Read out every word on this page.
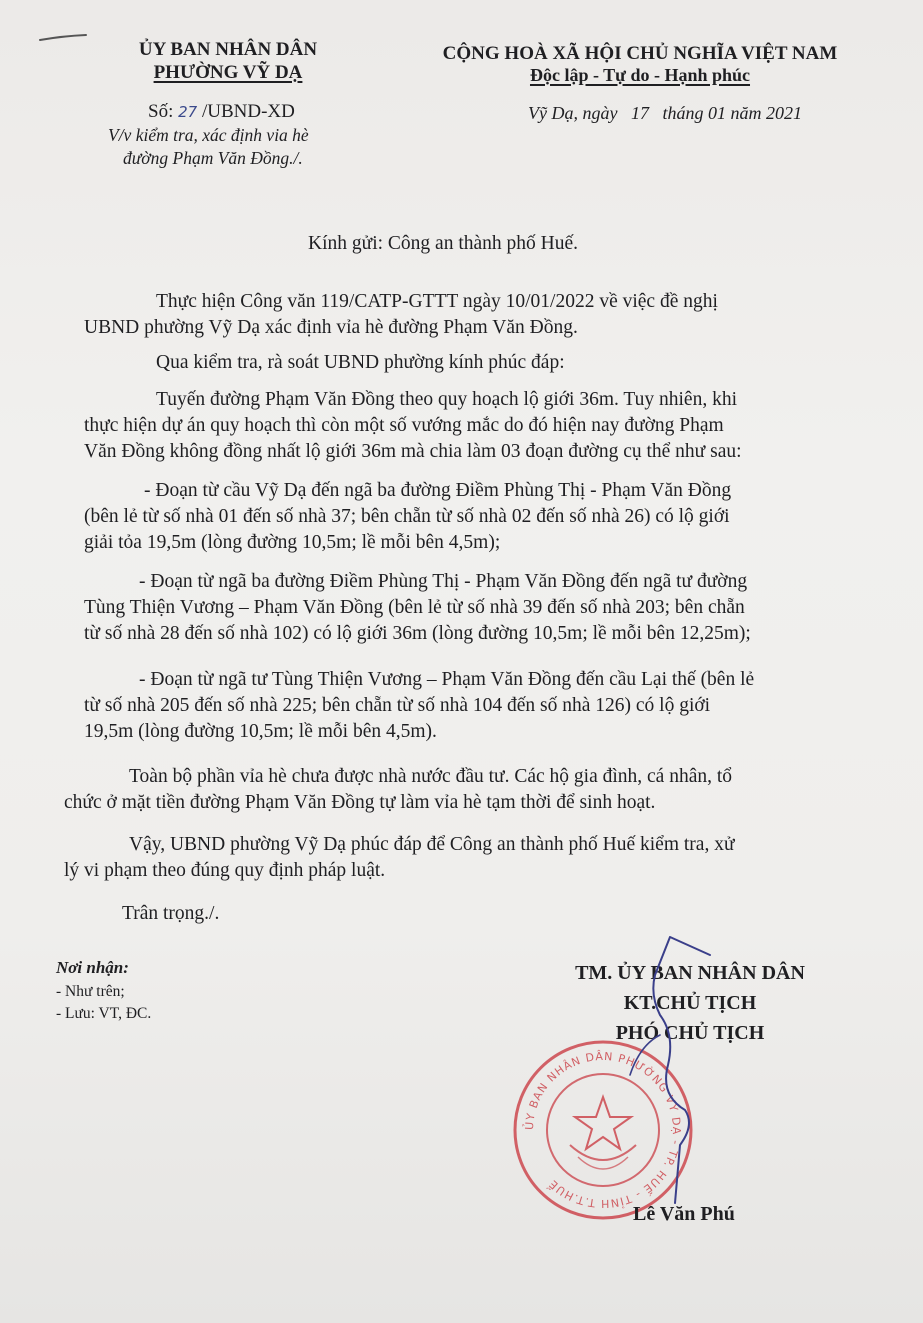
ỦY BAN NHÂN DÂN
PHƯỜNG VỸ DẠ
Số: 27 /UBND-XD
V/v kiểm tra, xác định via hè
đường Phạm Văn Đồng./.
CỘNG HOÀ XÃ HỘI CHỦ NGHĨA VIỆT NAM
Độc lập - Tự do - Hạnh phúc
Vỹ Dạ, ngày   17   tháng 01 năm 2021
Kính gửi: Công an thành phố Huế.
Thực hiện Công văn 119/CATP-GTTT ngày 10/01/2022 về việc đề nghị
UBND phường Vỹ Dạ xác định vỉa hè đường Phạm Văn Đồng.
Qua kiểm tra, rà soát UBND phường kính phúc đáp:
Tuyến đường Phạm Văn Đồng theo quy hoạch lộ giới 36m. Tuy nhiên, khi
thực hiện dự án quy hoạch thì còn một số vướng mắc do đó hiện nay đường Phạm
Văn Đồng không đồng nhất lộ giới 36m mà chia làm 03 đoạn đường cụ thể như sau:
- Đoạn từ cầu Vỹ Dạ đến ngã ba đường Điềm Phùng Thị - Phạm Văn Đồng
(bên lẻ từ số nhà 01 đến số nhà 37; bên chẵn từ số nhà 02 đến số nhà 26) có lộ giới
giải tỏa 19,5m (lòng đường 10,5m; lề mỗi bên 4,5m);
- Đoạn từ ngã ba đường Điềm Phùng Thị - Phạm Văn Đồng đến ngã tư đường
Tùng Thiện Vương – Phạm Văn Đồng (bên lẻ từ số nhà 39 đến số nhà 203; bên chẵn
từ số nhà 28 đến số nhà 102) có lộ giới 36m (lòng đường 10,5m; lề mỗi bên 12,25m);
- Đoạn từ ngã tư Tùng Thiện Vương – Phạm Văn Đồng đến cầu Lại thế (bên lẻ
từ số nhà 205 đến số nhà 225; bên chẵn từ số nhà 104 đến số nhà 126) có lộ giới
19,5m (lòng đường 10,5m; lề mỗi bên 4,5m).
Toàn bộ phần vỉa hè chưa được nhà nước đầu tư. Các hộ gia đình, cá nhân, tổ
chức ở mặt tiền đường Phạm Văn Đồng tự làm vỉa hè tạm thời để sinh hoạt.
Vậy, UBND phường Vỹ Dạ phúc đáp để Công an thành phố Huế kiểm tra, xử
lý vi phạm theo đúng quy định pháp luật.
Trân trọng./.
Nơi nhận:
- Như trên;
- Lưu: VT, ĐC.
ỦY BAN NHÂN DÂN PHƯỜNG VỸ DẠ - TP. HUẾ - TỈNH T.T.HUẾ
TM. ỦY BAN NHÂN DÂN
KT.CHỦ TỊCH
PHÓ CHỦ TỊCH
Lê Văn Phú
